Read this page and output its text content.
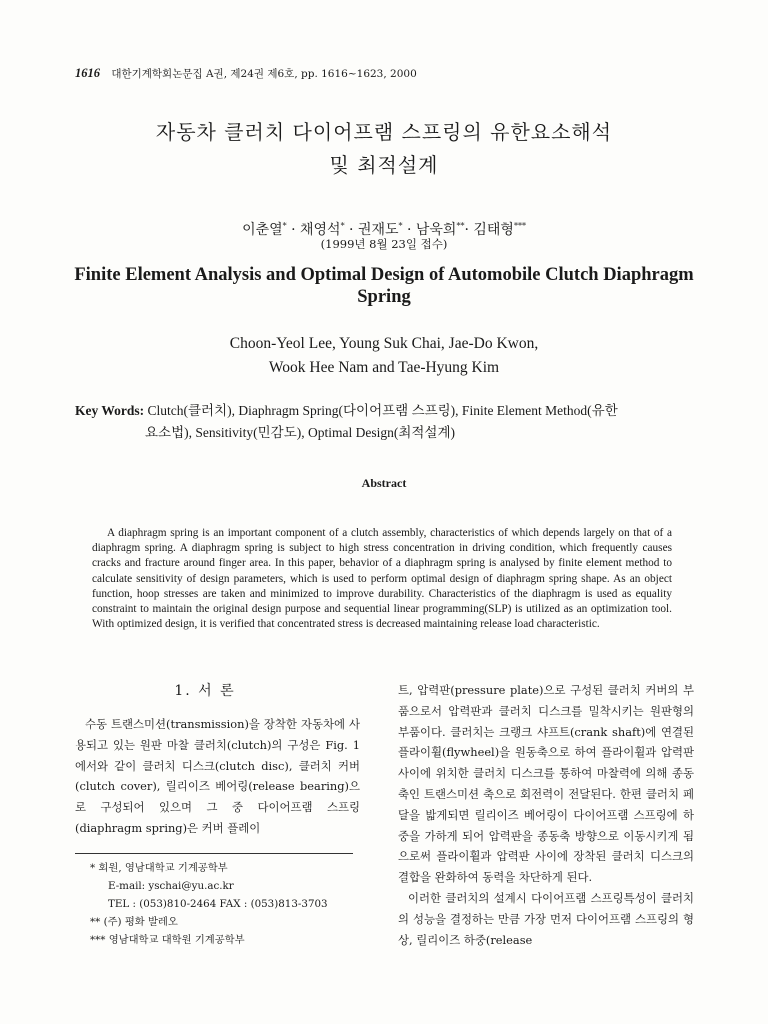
1616 대한기계학회논문집 A권, 제24권 제6호, pp. 1616~1623, 2000
자동차 클러치 다이어프램 스프링의 유한요소해석
및 최적설계
이춘열* · 채영석* · 권재도* · 남욱희**· 김태형***
(1999년 8월 23일 접수)
Finite Element Analysis and Optimal Design of Automobile Clutch Diaphragm Spring
Choon-Yeol Lee, Young Suk Chai, Jae-Do Kwon,
Wook Hee Nam and Tae-Hyung Kim
Key Words: Clutch(클러치), Diaphragm Spring(다이어프램 스프링), Finite Element Method(유한
요소법), Sensitivity(민감도), Optimal Design(최적설계)
Abstract
A diaphragm spring is an important component of a clutch assembly, characteristics of which depends largely on that of a diaphragm spring. A diaphragm spring is subject to high stress concentration in driving condition, which frequently causes cracks and fracture around finger area. In this paper, behavior of a diaphragm spring is analysed by finite element method to calculate sensitivity of design parameters, which is used to perform optimal design of diaphragm spring shape. As an object function, hoop stresses are taken and minimized to improve durability. Characteristics of the diaphragm is used as equality constraint to maintain the original design purpose and sequential linear programming(SLP) is utilized as an optimization tool. With optimized design, it is verified that concentrated stress is decreased maintaining release load characteristic.
1. 서 론
수동 트랜스미션(transmission)을 장착한 자동차에 사용되고 있는 원판 마찰 클러치(clutch)의 구성은 Fig. 1에서와 같이 클러치 디스크(clutch disc), 클러치 커버(clutch cover), 릴리이즈 베어링(release bearing)으로 구성되어 있으며 그 중 다이어프램 스프링(diaphragm spring)은 커버 플레이

트, 압력판(pressure plate)으로 구성된 클러치 커버의 부품으로서 압력판과 클러치 디스크를 밀착시키는 원판형의 부품이다. 클러치는 크랭크 샤프트(crank shaft)에 연결된 플라이휠(flywheel)을 원동축으로 하여 플라이휠과 압력판 사이에 위치한 클러치 디스크를 통하여 마찰력에 의해 종동축인 트랜스미션 축으로 회전력이 전달된다. 한편 클러치 페달을 밟게되면 릴리이즈 베어링이 다이어프램 스프링에 하중을 가하게 되어 압력판을 종동축 방향으로 이동시키게 됨으로써 플라이휠과 압력판 사이에 장착된 클러치 디스크의 결합을 완화하여 동력을 차단하게 된다.

이러한 클러치의 설계시 다이어프램 스프링특성이 클러치의 성능을 결정하는 만큼 가장 먼저 다이어프램 스프링의 형상, 릴리이즈 하중(release

* 회원, 영남대학교 기계공학부
E-mail: yschai@yu.ac.kr
TEL : (053)810-2464 FAX : (053)813-3703
** (주) 평화 발레오
*** 영남대학교 대학원 기계공학부
